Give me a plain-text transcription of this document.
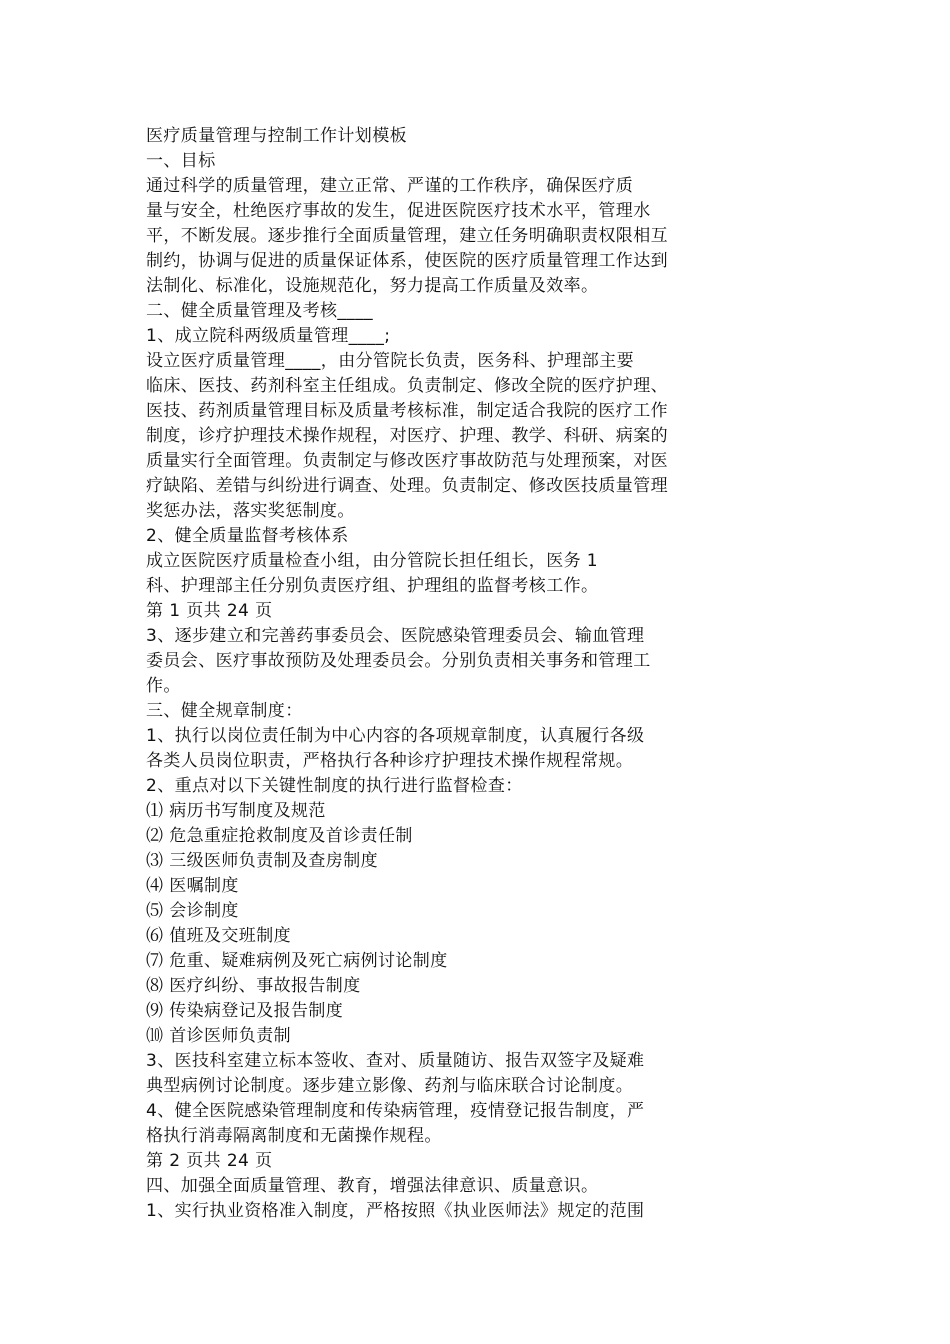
医疗质量管理与控制工作计划模板
一、目标
通过科学的质量管理，建立正常、严谨的工作秩序，确保医疗质
量与安全，杜绝医疗事故的发生，促进医院医疗技术水平，管理水
平，不断发展。逐步推行全面质量管理，建立任务明确职责权限相互
制约，协调与促进的质量保证体系，使医院的医疗质量管理工作达到
法制化、标准化，设施规范化，努力提高工作质量及效率。
二、健全质量管理及考核____
1、成立院科两级质量管理____;
设立医疗质量管理____，由分管院长负责，医务科、护理部主要
临床、医技、药剂科室主任组成。负责制定、修改全院的医疗护理、
医技、药剂质量管理目标及质量考核标准，制定适合我院的医疗工作
制度，诊疗护理技术操作规程，对医疗、护理、教学、科研、病案的
质量实行全面管理。负责制定与修改医疗事故防范与处理预案，对医
疗缺陷、差错与纠纷进行调查、处理。负责制定、修改医技质量管理
奖惩办法，落实奖惩制度。
2、健全质量监督考核体系
成立医院医疗质量检查小组，由分管院长担任组长，医务 1
科、护理部主任分别负责医疗组、护理组的监督考核工作。
第 1 页共 24 页
3、逐步建立和完善药事委员会、医院感染管理委员会、输血管理
委员会、医疗事故预防及处理委员会。分别负责相关事务和管理工
作。
三、健全规章制度：
1、执行以岗位责任制为中心内容的各项规章制度，认真履行各级
各类人员岗位职责，严格执行各种诊疗护理技术操作规程常规。
2、重点对以下关键性制度的执行进行监督检查：
⑴ 病历书写制度及规范
⑵ 危急重症抢救制度及首诊责任制
⑶ 三级医师负责制及查房制度
⑷ 医嘱制度
⑸ 会诊制度
⑹ 值班及交班制度
⑺ 危重、疑难病例及死亡病例讨论制度
⑻ 医疗纠纷、事故报告制度
⑼ 传染病登记及报告制度
⑽ 首诊医师负责制
3、医技科室建立标本签收、查对、质量随访、报告双签字及疑难
典型病例讨论制度。逐步建立影像、药剂与临床联合讨论制度。
4、健全医院感染管理制度和传染病管理，疫情登记报告制度，严
格执行消毒隔离制度和无菌操作规程。
第 2 页共 24 页
四、加强全面质量管理、教育，增强法律意识、质量意识。
1、实行执业资格准入制度，严格按照《执业医师法》规定的范围
